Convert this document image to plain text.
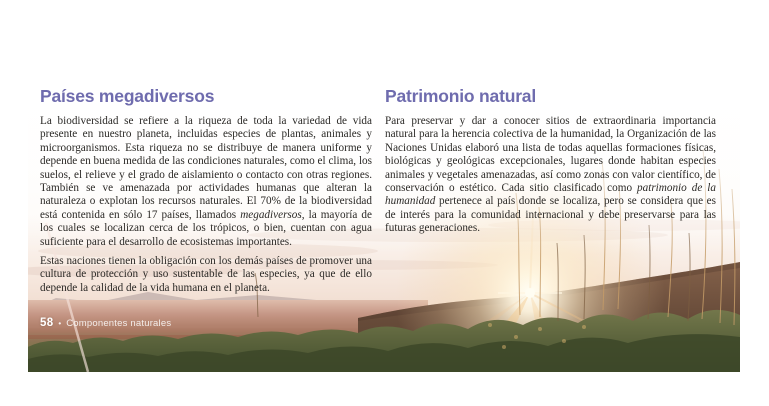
Países megadiversos

La biodiversidad se refiere a la riqueza de toda la variedad de vida presente en nuestro planeta, incluidas especies de plantas, animales y microorganismos. Esta riqueza no se distribuye de manera uniforme y depende en buena medida de las condiciones naturales, como el clima, los suelos, el relieve y el grado de aislamiento o contacto con otras regiones. También se ve amenazada por actividades humanas que alteran la naturaleza o explotan los recursos naturales. El 70% de la biodiversidad está contenida en sólo 17 países, llamados megadiversos, la mayoría de los cuales se localizan cerca de los trópicos, o bien, cuentan con agua suficiente para el desarrollo de ecosistemas importantes.

Estas naciones tienen la obligación con los demás países de promover una cultura de protección y uso sustentable de las especies, ya que de ello depende la calidad de la vida humana en el planeta.

Patrimonio natural

Para preservar y dar a conocer sitios de extraordinaria importancia natural para la herencia colectiva de la humanidad, la Organización de las Naciones Unidas elaboró una lista de todas aquellas formaciones físicas, biológicas y geológicas excepcionales, lugares donde habitan especies animales y vegetales amenazadas, así como zonas con valor científico, de conservación o estético. Cada sitio clasificado como patrimonio de la humanidad pertenece al país donde se localiza, pero se considera que es de interés para la comunidad internacional y debe preservarse para las futuras generaciones.

58 • Componentes naturales
